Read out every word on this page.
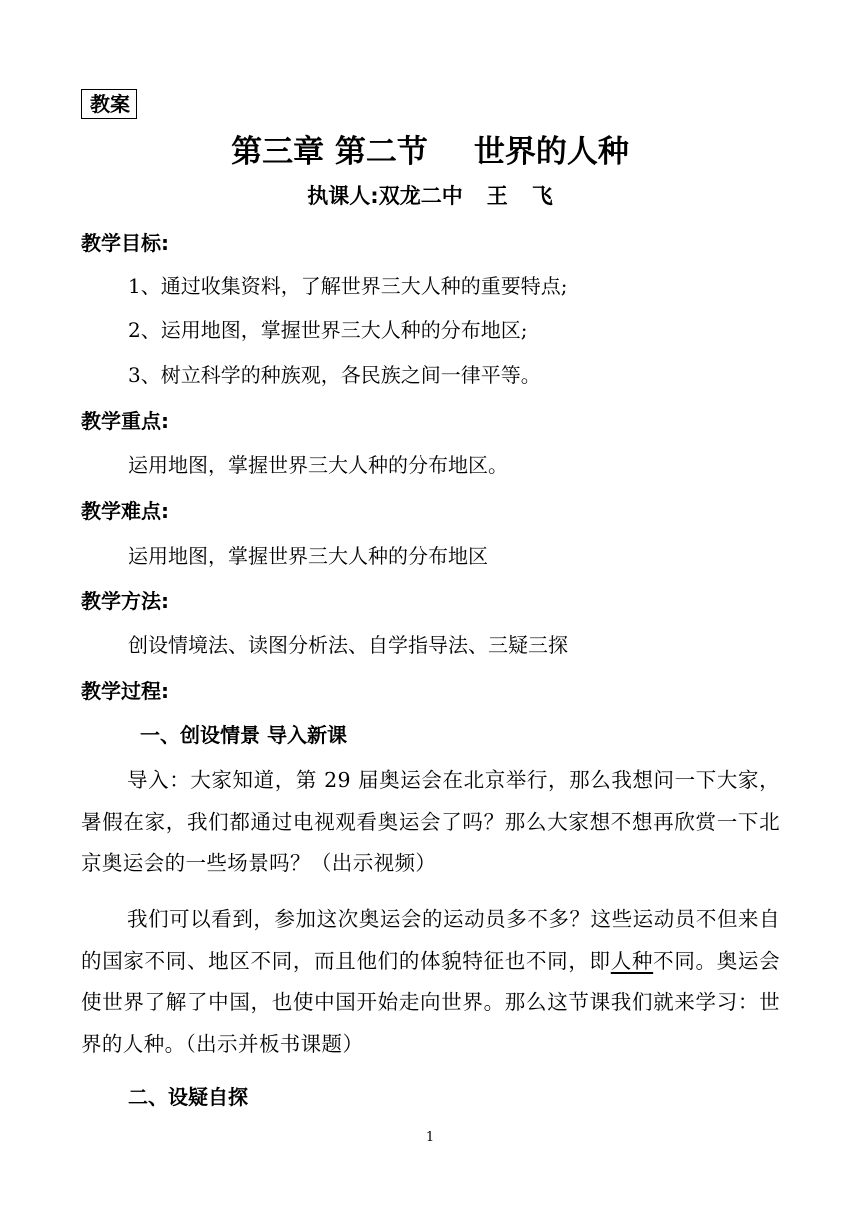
教案
第三章 第二节 世界的人种
执课人:双龙二中 王 飞
教学目标:
1、通过收集资料，了解世界三大人种的重要特点;
2、运用地图，掌握世界三大人种的分布地区;
3、树立科学的种族观，各民族之间一律平等。
教学重点:
运用地图，掌握世界三大人种的分布地区。
教学难点:
运用地图，掌握世界三大人种的分布地区
教学方法:
创设情境法、读图分析法、自学指导法、三疑三探
教学过程:
一、创设情景 导入新课
导入：大家知道，第 29 届奥运会在北京举行，那么我想问一下大家，暑假在家，我们都通过电视观看奥运会了吗？那么大家想不想再欣赏一下北京奥运会的一些场景吗？（出示视频）
我们可以看到，参加这次奥运会的运动员多不多？这些运动员不但来自的国家不同、地区不同，而且他们的体貌特征也不同，即人种不同。奥运会使世界了解了中国，也使中国开始走向世界。那么这节课我们就来学习：世界的人种。（出示并板书课题）
二、设疑自探
1
